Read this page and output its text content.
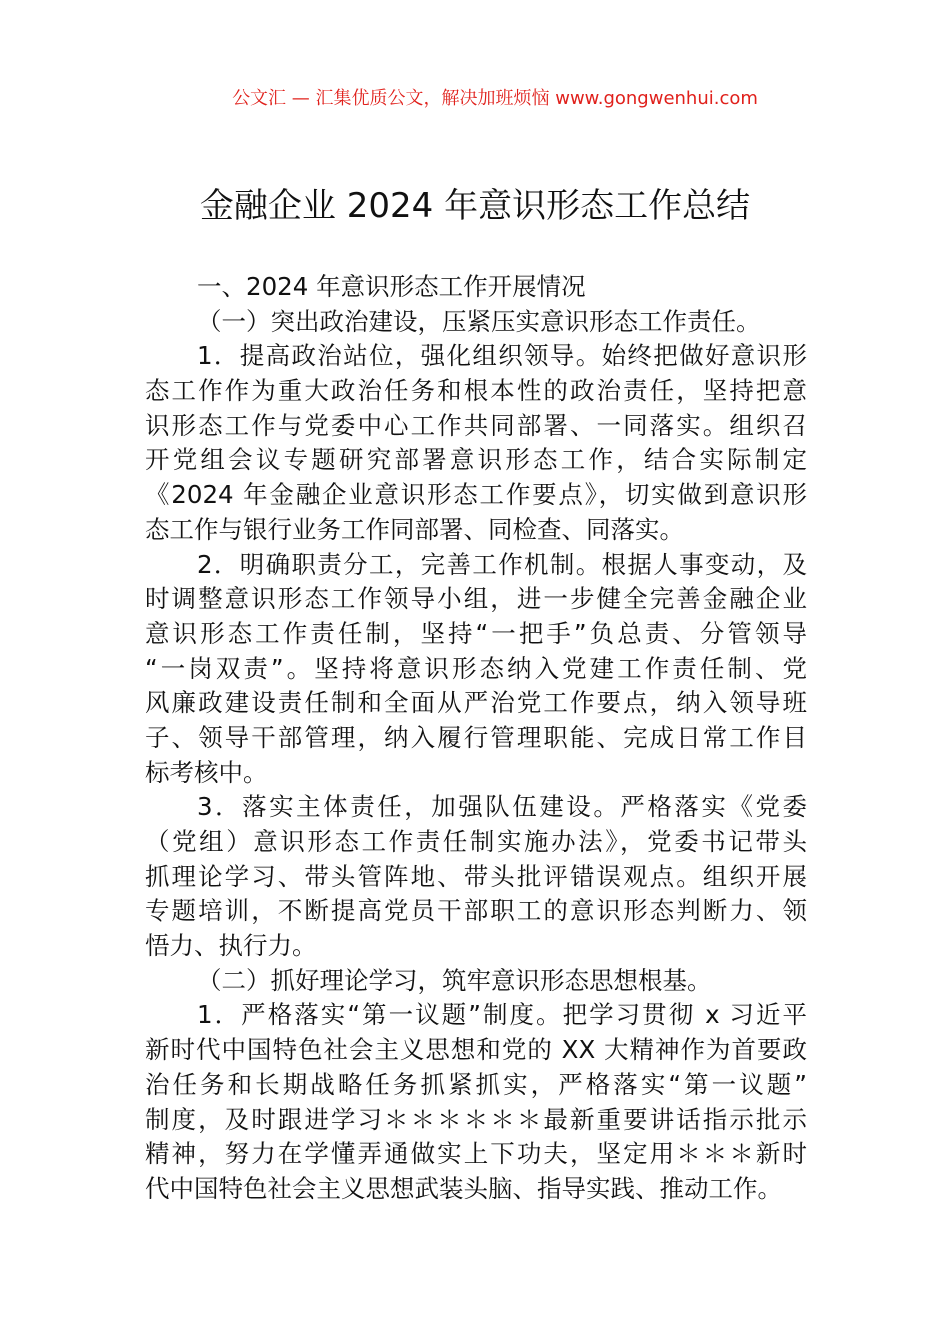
公文汇 — 汇集优质公文，解决加班烦恼 www.gongwenhui.com
金融企业 2024 年意识形态工作总结
一、2024 年意识形态工作开展情况
（一）突出政治建设，压紧压实意识形态工作责任。
1．提高政治站位，强化组织领导。始终把做好意识形
态工作作为重大政治任务和根本性的政治责任，坚持把意
识形态工作与党委中心工作共同部署、一同落实。组织召
开党组会议专题研究部署意识形态工作，结合实际制定
《2024 年金融企业意识形态工作要点》，切实做到意识形
态工作与银行业务工作同部署、同检查、同落实。
2．明确职责分工，完善工作机制。根据人事变动，及
时调整意识形态工作领导小组，进一步健全完善金融企业
意识形态工作责任制，坚持“一把手”负总责、分管领导
“一岗双责”。坚持将意识形态纳入党建工作责任制、党
风廉政建设责任制和全面从严治党工作要点，纳入领导班
子、领导干部管理，纳入履行管理职能、完成日常工作目
标考核中。
3．落实主体责任，加强队伍建设。严格落实《党委
（党组）意识形态工作责任制实施办法》，党委书记带头
抓理论学习、带头管阵地、带头批评错误观点。组织开展
专题培训，不断提高党员干部职工的意识形态判断力、领
悟力、执行力。
（二）抓好理论学习，筑牢意识形态思想根基。
1．严格落实“第一议题”制度。把学习贯彻 x 习近平
新时代中国特色社会主义思想和党的 XX 大精神作为首要政
治任务和长期战略任务抓紧抓实，严格落实“第一议题”
制度，及时跟进学习＊＊＊＊＊＊最新重要讲话指示批示
精神，努力在学懂弄通做实上下功夫，坚定用＊＊＊新时
代中国特色社会主义思想武装头脑、指导实践、推动工作。
